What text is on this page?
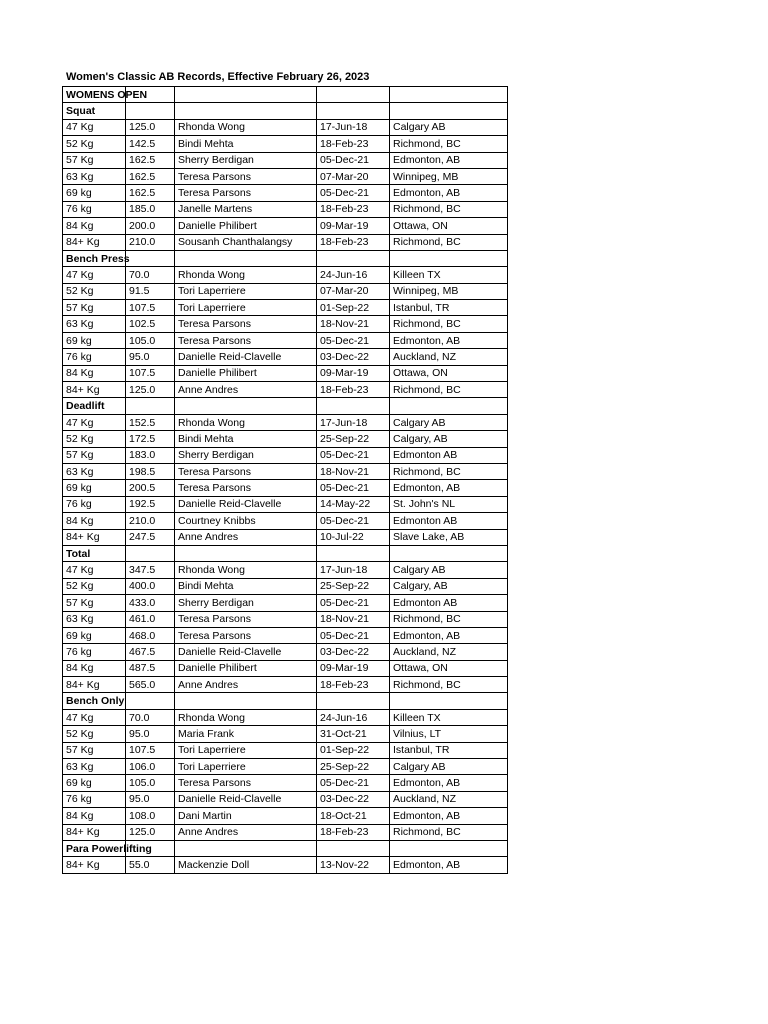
Women's Classic AB Records, Effective February 26, 2023
WOMENS OPEN				
Squat				
47 Kg	125.0	Rhonda Wong	17-Jun-18	Calgary AB
52 Kg	142.5	Bindi Mehta	18-Feb-23	Richmond, BC
57 Kg	162.5	Sherry Berdigan	05-Dec-21	Edmonton, AB
63 Kg	162.5	Teresa Parsons	07-Mar-20	Winnipeg, MB
69 kg	162.5	Teresa Parsons	05-Dec-21	Edmonton, AB
76 kg	185.0	Janelle Martens	18-Feb-23	Richmond, BC
84 Kg	200.0	Danielle Philibert	09-Mar-19	Ottawa, ON
84+ Kg	210.0	Sousanh Chanthalangsy	18-Feb-23	Richmond, BC
Bench Press				
47 Kg	70.0	Rhonda Wong	24-Jun-16	Killeen TX
52 Kg	91.5	Tori Laperriere	07-Mar-20	Winnipeg, MB
57 Kg	107.5	Tori Laperriere	01-Sep-22	Istanbul, TR
63 Kg	102.5	Teresa Parsons	18-Nov-21	Richmond, BC
69 kg	105.0	Teresa Parsons	05-Dec-21	Edmonton, AB
76 kg	95.0	Danielle Reid-Clavelle	03-Dec-22	Auckland, NZ
84 Kg	107.5	Danielle Philibert	09-Mar-19	Ottawa, ON
84+ Kg	125.0	Anne Andres	18-Feb-23	Richmond, BC
Deadlift				
47 Kg	152.5	Rhonda Wong	17-Jun-18	Calgary AB
52 Kg	172.5	Bindi Mehta	25-Sep-22	Calgary, AB
57 Kg	183.0	Sherry Berdigan	05-Dec-21	Edmonton AB
63 Kg	198.5	Teresa Parsons	18-Nov-21	Richmond, BC
69 kg	200.5	Teresa Parsons	05-Dec-21	Edmonton, AB
76 kg	192.5	Danielle Reid-Clavelle	14-May-22	St. John's NL
84 Kg	210.0	Courtney Knibbs	05-Dec-21	Edmonton AB
84+ Kg	247.5	Anne Andres	10-Jul-22	Slave Lake, AB
Total				
47 Kg	347.5	Rhonda Wong	17-Jun-18	Calgary AB
52 Kg	400.0	Bindi Mehta	25-Sep-22	Calgary, AB
57 Kg	433.0	Sherry Berdigan	05-Dec-21	Edmonton AB
63 Kg	461.0	Teresa Parsons	18-Nov-21	Richmond, BC
69 kg	468.0	Teresa Parsons	05-Dec-21	Edmonton, AB
76 kg	467.5	Danielle Reid-Clavelle	03-Dec-22	Auckland, NZ
84 Kg	487.5	Danielle Philibert	09-Mar-19	Ottawa, ON
84+ Kg	565.0	Anne Andres	18-Feb-23	Richmond, BC
Bench Only				
47 Kg	70.0	Rhonda Wong	24-Jun-16	Killeen TX
52 Kg	95.0	Maria Frank	31-Oct-21	Vilnius, LT
57 Kg	107.5	Tori Laperriere	01-Sep-22	Istanbul, TR
63 Kg	106.0	Tori Laperriere	25-Sep-22	Calgary AB
69 kg	105.0	Teresa Parsons	05-Dec-21	Edmonton, AB
76 kg	95.0	Danielle Reid-Clavelle	03-Dec-22	Auckland, NZ
84 Kg	108.0	Dani Martin	18-Oct-21	Edmonton, AB
84+ Kg	125.0	Anne Andres	18-Feb-23	Richmond, BC
Para Powerlifting				
84+ Kg	55.0	Mackenzie Doll	13-Nov-22	Edmonton, AB
